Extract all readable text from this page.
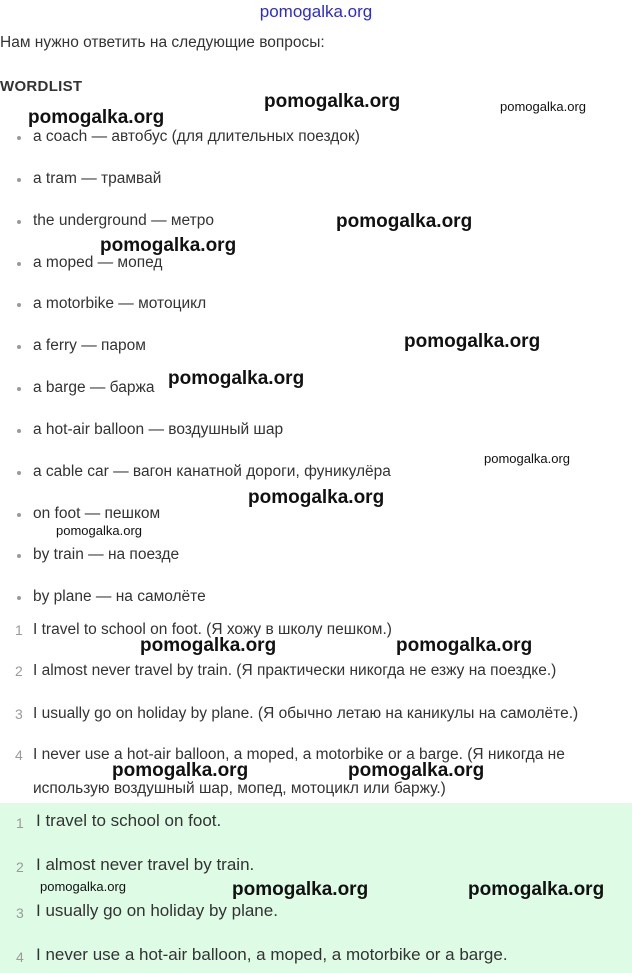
pomogalka.org
Нам нужно ответить на следующие вопросы:
WORDLIST
a coach — автобус (для длительных поездок)
a tram — трамвай
the underground — метро
a moped — мопед
a motorbike — мотоцикл
a ferry — паром
a barge — баржа
a hot-air balloon — воздушный шар
a cable car — вагон канатной дороги, фуникулёра
on foot — пешком
by train — на поезде
by plane — на самолёте
1 I travel to school on foot. (Я хожу в школу пешком.)
2 I almost never travel by train. (Я практически никогда не езжу на поездке.)
3 I usually go on holiday by plane. (Я обычно летаю на каникулы на самолёте.)
4 I never use a hot-air balloon, a moped, a motorbike or a barge. (Я никогда не
использую воздушный шар, мопед, мотоцикл или баржу.)
1 I travel to school on foot.
2 I almost never travel by train.
3 I usually go on holiday by plane.
4 I never use a hot-air balloon, a moped, a motorbike or a barge.
pomogalka.org
pomogalka.org	pomogalka.org
pomogalka.org
pomogalka.org
pomogalka.org
pomogalka.org
pomogalka.org
pomogalka.org
pomogalka.org
pomogalka.org	pomogalka.org
pomogalka.org	pomogalka.org
pomogalka.org	pomogalka.org	pomogalka.org
